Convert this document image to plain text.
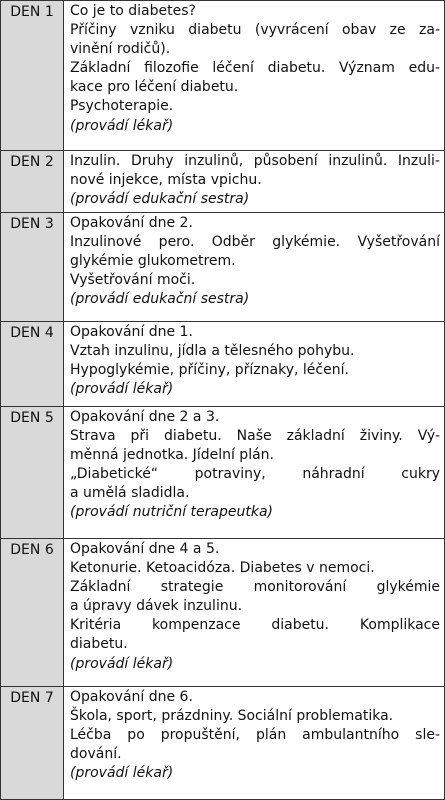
DEN 1	Co je to diabetes?
Příčiny vzniku diabetu (vyvrácení obav ze za-
vinění rodičů).
Základní filozofie léčení diabetu. Význam edu-
kace pro léčení diabetu.
Psychoterapie.
(provádí lékař)
DEN 2	Inzulin. Druhy inzulinů, působení inzulinů. Inzuli-
nové injekce, místa vpichu.
(provádí edukační sestra)
DEN 3	Opakování dne 2.
Inzulinové pero. Odběr glykémie. Vyšetřování
glykémie glukometrem.
Vyšetřování moči.
(provádí edukační sestra)
DEN 4	Opakování dne 1.
Vztah inzulinu, jídla a tělesného pohybu.
Hypoglykémie, příčiny, příznaky, léčení.
(provádí lékař)
DEN 5	Opakování dne 2 a 3.
Strava při diabetu. Naše základní živiny. Vý-
měnná jednotka. Jídelní plán.
„Diabetické“ potraviny, náhradní cukry
a umělá sladidla.
(provádí nutriční terapeutka)
DEN 6	Opakování dne 4 a 5.
Ketonurie. Ketoacidóza. Diabetes v nemoci.
Základní strategie monitorování glykémie
a úpravy dávek inzulinu.
Kritéria kompenzace diabetu. Komplikace
diabetu.
(provádí lékař)
DEN 7	Opakování dne 6.
Škola, sport, prázdniny. Sociální problematika.
Léčba po propuštění, plán ambulantního sle-
dování.
(provádí lékař)
